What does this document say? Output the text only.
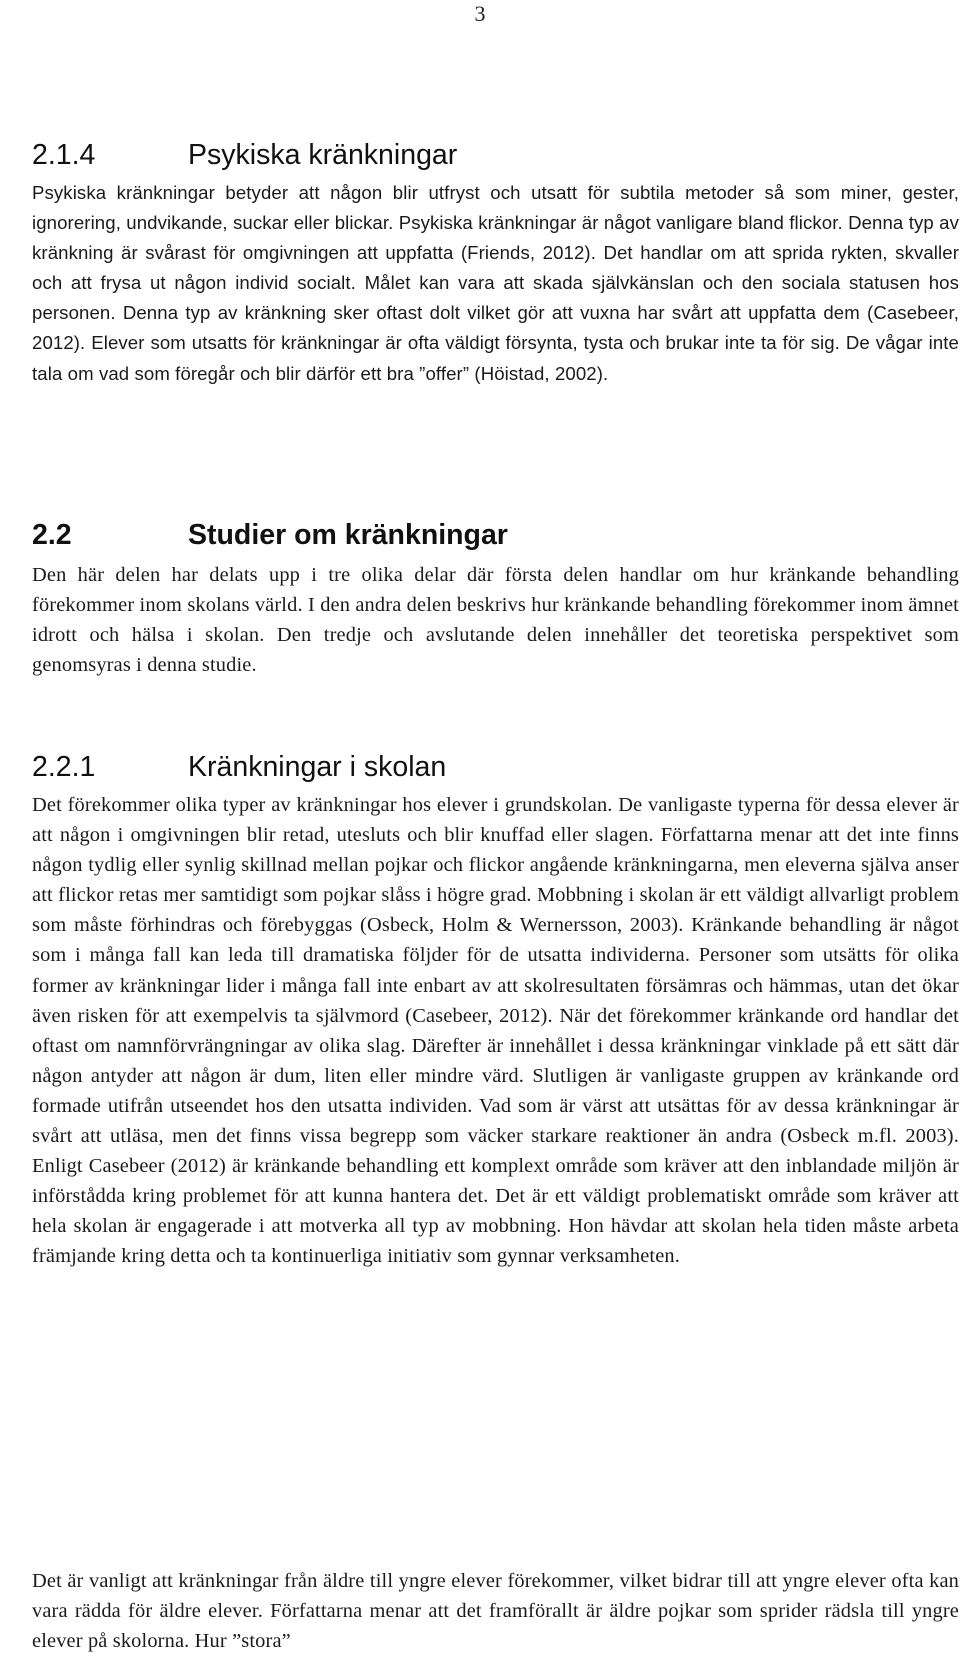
3
2.1.4	Psykiska kränkningar

Psykiska kränkningar betyder att någon blir utfryst och utsatt för subtila metoder så som miner, gester, ignorering, undvikande, suckar eller blickar. Psykiska kränkningar är något vanligare bland flickor. Denna typ av kränkning är svårast för omgivningen att uppfatta (Friends, 2012). Det handlar om att sprida rykten, skvaller och att frysa ut någon individ socialt. Målet kan vara att skada självkänslan och den sociala statusen hos personen. Denna typ av kränkning sker oftast dolt vilket gör att vuxna har svårt att uppfatta dem (Casebeer, 2012). Elever som utsatts för kränkningar är ofta väldigt försynta, tysta och brukar inte ta för sig. De vågar inte tala om vad som föregår och blir därför ett bra ”offer” (Höistad, 2002).

2.2	Studier om kränkningar

Den här delen har delats upp i tre olika delar där första delen handlar om hur kränkande behandling förekommer inom skolans värld. I den andra delen beskrivs hur kränkande behandling förekommer inom ämnet idrott och hälsa i skolan. Den tredje och avslutande delen innehåller det teoretiska perspektivet som genomsyras i denna studie.

2.2.1	Kränkningar i skolan

Det förekommer olika typer av kränkningar hos elever i grundskolan. De vanligaste typerna för dessa elever är att någon i omgivningen blir retad, utesluts och blir knuffad eller slagen. Författarna menar att det inte finns någon tydlig eller synlig skillnad mellan pojkar och flickor angående kränkningarna, men eleverna själva anser att flickor retas mer samtidigt som pojkar slåss i högre grad. Mobbning i skolan är ett väldigt allvarligt problem som måste förhindras och förebyggas (Osbeck, Holm & Wernersson, 2003). Kränkande behandling är något som i många fall kan leda till dramatiska följder för de utsatta individerna. Personer som utsätts för olika former av kränkningar lider i många fall inte enbart av att skolresultaten försämras och hämmas, utan det ökar även risken för att exempelvis ta självmord (Casebeer, 2012). När det förekommer kränkande ord handlar det oftast om namnförvrängningar av olika slag. Därefter är innehållet i dessa kränkningar vinklade på ett sätt där någon antyder att någon är dum, liten eller mindre värd. Slutligen är vanligaste gruppen av kränkande ord formade utifrån utseendet hos den utsatta individen. Vad som är värst att utsättas för av dessa kränkningar är svårt att utläsa, men det finns vissa begrepp som väcker starkare reaktioner än andra (Osbeck m.fl. 2003). Enligt Casebeer (2012) är kränkande behandling ett komplext område som kräver att den inblandade miljön är införstådda kring problemet för att kunna hantera det. Det är ett väldigt problematiskt område som kräver att hela skolan är engagerade i att motverka all typ av mobbning. Hon hävdar att skolan hela tiden måste arbeta främjande kring detta och ta kontinuerliga initiativ som gynnar verksamheten.

Det är vanligt att kränkningar från äldre till yngre elever förekommer, vilket bidrar till att yngre elever ofta kan vara rädda för äldre elever. Författarna menar att det framförallt är äldre pojkar som sprider rädsla till yngre elever på skolorna. Hur ”stora”
